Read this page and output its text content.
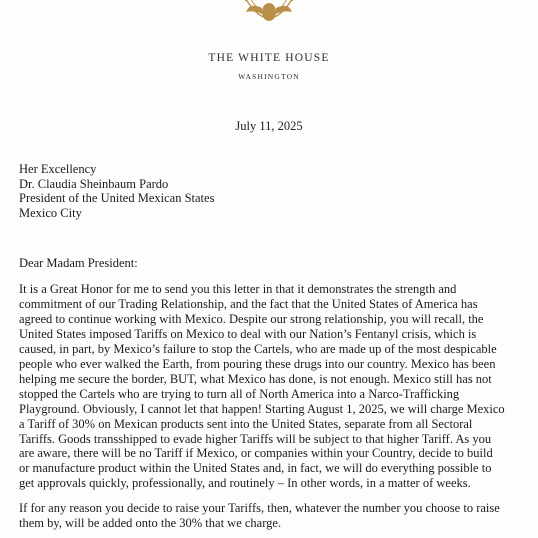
THE WHITE HOUSE
WASHINGTON
July 11, 2025
Her Excellency
Dr. Claudia Sheinbaum Pardo
President of the United Mexican States
Mexico City
Dear Madam President:
It is a Great Honor for me to send you this letter in that it demonstrates the strength and
commitment of our Trading Relationship, and the fact that the United States of America has
agreed to continue working with Mexico. Despite our strong relationship, you will recall, the
United States imposed Tariffs on Mexico to deal with our Nation’s Fentanyl crisis, which is
caused, in part, by Mexico’s failure to stop the Cartels, who are made up of the most despicable
people who ever walked the Earth, from pouring these drugs into our country. Mexico has been
helping me secure the border, BUT, what Mexico has done, is not enough. Mexico still has not
stopped the Cartels who are trying to turn all of North America into a Narco-Trafficking
Playground. Obviously, I cannot let that happen! Starting August 1, 2025, we will charge Mexico
a Tariff of 30% on Mexican products sent into the United States, separate from all Sectoral
Tariffs. Goods transshipped to evade higher Tariffs will be subject to that higher Tariff. As you
are aware, there will be no Tariff if Mexico, or companies within your Country, decide to build
or manufacture product within the United States and, in fact, we will do everything possible to
get approvals quickly, professionally, and routinely – In other words, in a matter of weeks.
If for any reason you decide to raise your Tariffs, then, whatever the number you choose to raise
them by, will be added onto the 30% that we charge.
